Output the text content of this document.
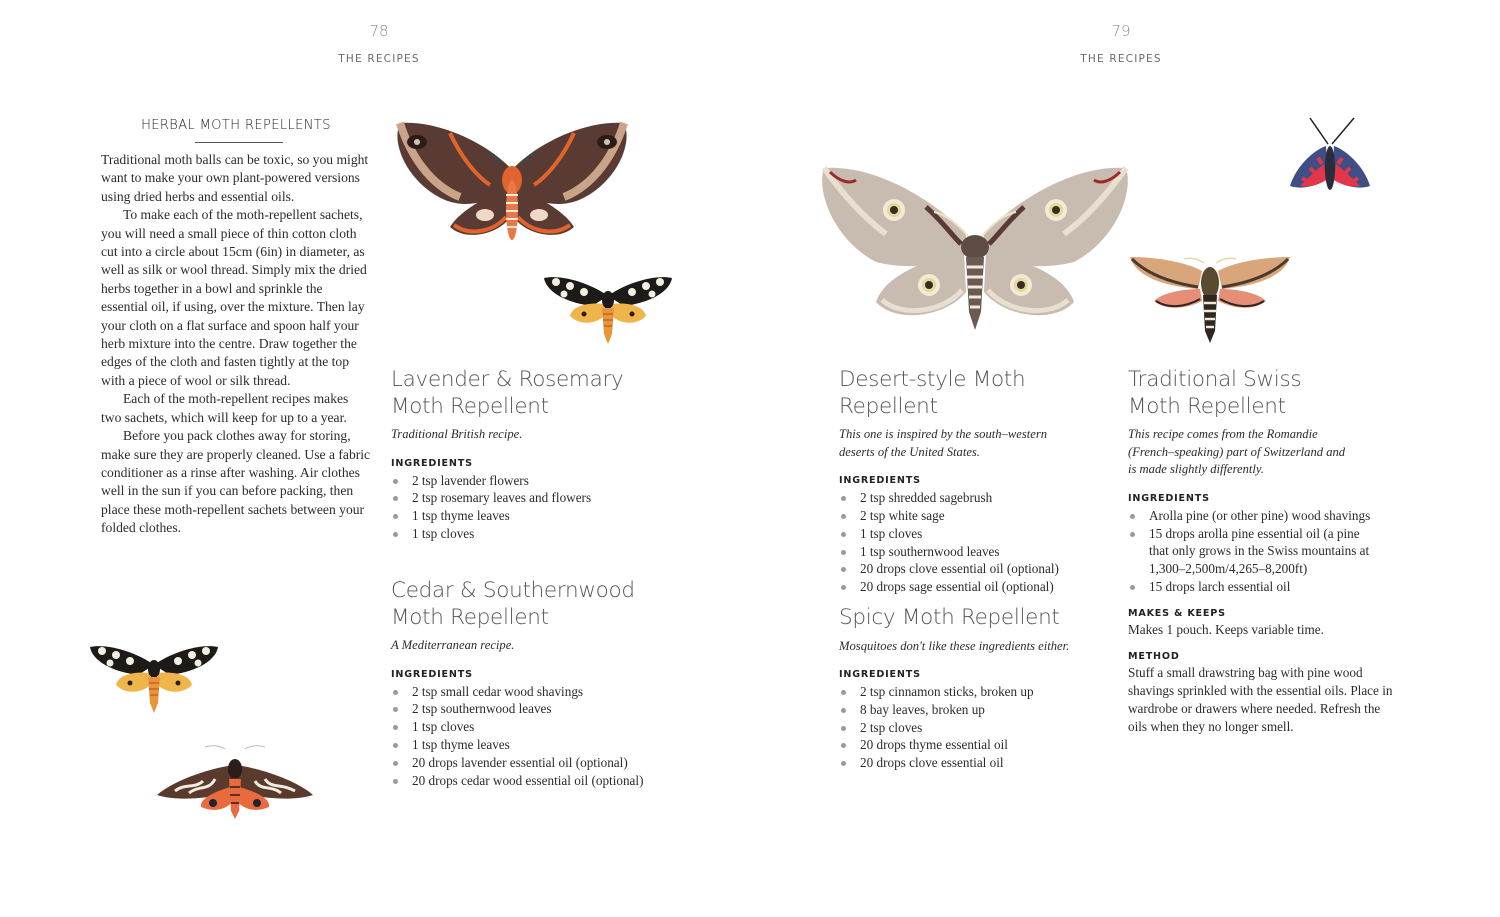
78
THE RECIPES
79
THE RECIPES
HERBAL MOTH REPELLENTS

Traditional moth balls can be toxic, so you might want to make your own plant-powered versions using dried herbs and essential oils.

To make each of the moth-repellent sachets, you will need a small piece of thin cotton cloth cut into a circle about 15cm (6in) in diameter, as well as silk or wool thread. Simply mix the dried herbs together in a bowl and sprinkle the essential oil, if using, over the mixture. Then lay your cloth on a flat surface and spoon half your herb mixture into the centre. Draw together the edges of the cloth and fasten tightly at the top with a piece of wool or silk thread.

Each of the moth-repellent recipes makes two sachets, which will keep for up to a year.

Before you pack clothes away for storing, make sure they are properly cleaned. Use a fabric conditioner as a rinse after washing. Air clothes well in the sun if you can before packing, then place these moth-repellent sachets between your folded clothes.

Lavender & Rosemary
Moth Repellent
Traditional British recipe.
INGREDIENTS
2 tsp lavender flowers
2 tsp rosemary leaves and flowers
1 tsp thyme leaves
1 tsp cloves
Cedar & Southernwood
Moth Repellent
A Mediterranean recipe.
INGREDIENTS
2 tsp small cedar wood shavings
2 tsp southernwood leaves
1 tsp cloves
1 tsp thyme leaves
20 drops lavender essential oil (optional)
20 drops cedar wood essential oil (optional)
Desert-style Moth Repellent
This one is inspired by the south–western deserts of the United States.
INGREDIENTS
2 tsp shredded sagebrush
2 tsp white sage
1 tsp cloves
1 tsp southernwood leaves
20 drops clove essential oil (optional)
20 drops sage essential oil (optional)
Spicy Moth Repellent
Mosquitoes don't like these ingredients either.
INGREDIENTS
2 tsp cinnamon sticks, broken up
8 bay leaves, broken up
2 tsp cloves
20 drops thyme essential oil
20 drops clove essential oil
Traditional Swiss
Moth Repellent
This recipe comes from the Romandie (French–speaking) part of Switzerland and is made slightly differently.
INGREDIENTS
Arolla pine (or other pine) wood shavings
15 drops arolla pine essential oil (a pine that only grows in the Swiss mountains at 1,300–2,500m/4,265–8,200ft)
15 drops larch essential oil
MAKES & KEEPS
Makes 1 pouch. Keeps variable time.
METHOD
Stuff a small drawstring bag with pine wood shavings sprinkled with the essential oils. Place in wardrobe or drawers where needed. Refresh the oils when they no longer smell.
